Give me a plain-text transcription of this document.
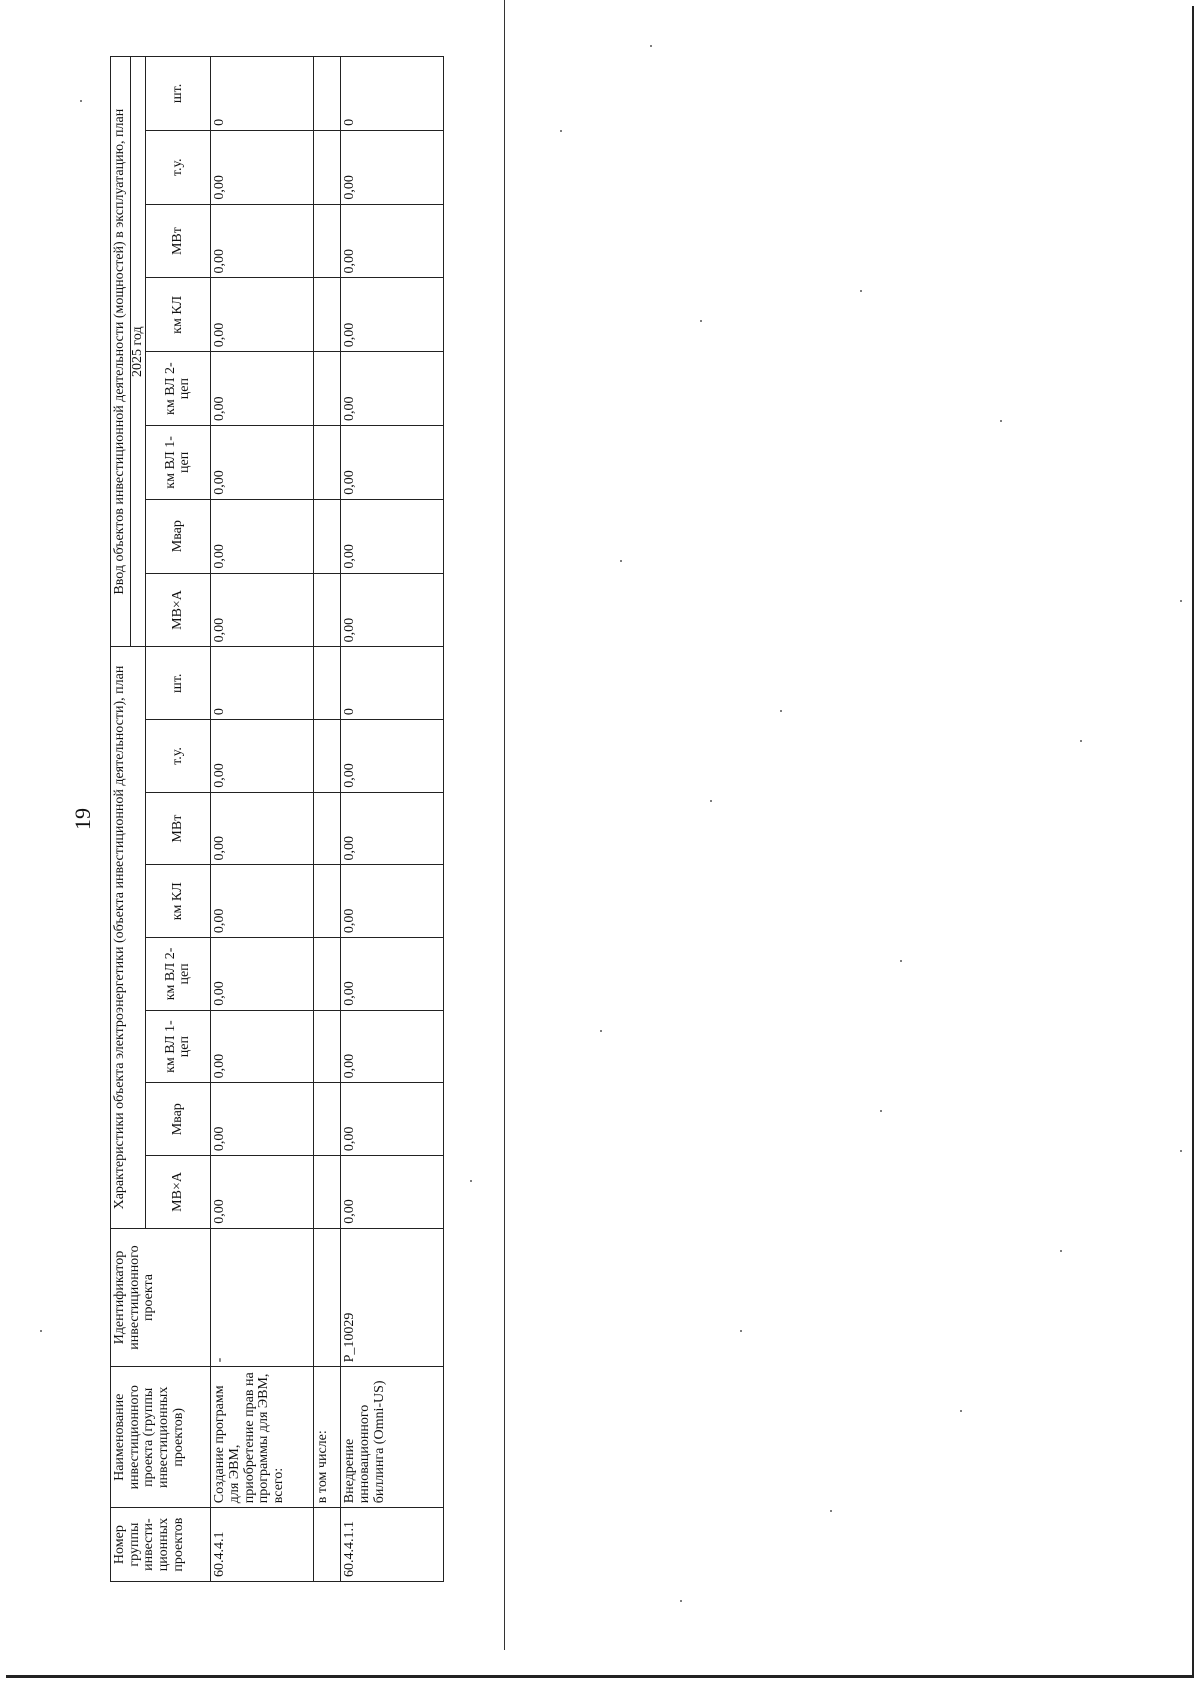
19
Номер группы инвести-ционных проектов	Наименование инвестиционного проекта (группы инвестиционных проектов)	Идентификатор инвестиционного проекта	Характеристики объекта электроэнергетики (объекта инвестиционной деятельности), план								Ввод объектов инвестиционной деятельности (мощностей) в эксплуатацию, план							
											2025 год							
			МВ×А	Мвар	км ВЛ 1-цеп	км ВЛ 2-цеп	км КЛ	МВт	т.у.	шт.	МВ×А	Мвар	км ВЛ 1-цеп	км ВЛ 2-цеп	км КЛ	МВт	т.у.	шт.
60.4.4.1	Создание программ для ЭВМ, приобретение прав на программы для ЭВМ, всего:	-	0,00	0,00	0,00	0,00	0,00	0,00	0,00	0	0,00	0,00	0,00	0,00	0,00	0,00	0,00	0
	в том числе:																	
60.4.4.1.1	Внедрение инновационного биллинга (Omni-US)	P_10029	0,00	0,00	0,00	0,00	0,00	0,00	0,00	0	0,00	0,00	0,00	0,00	0,00	0,00	0,00	0
